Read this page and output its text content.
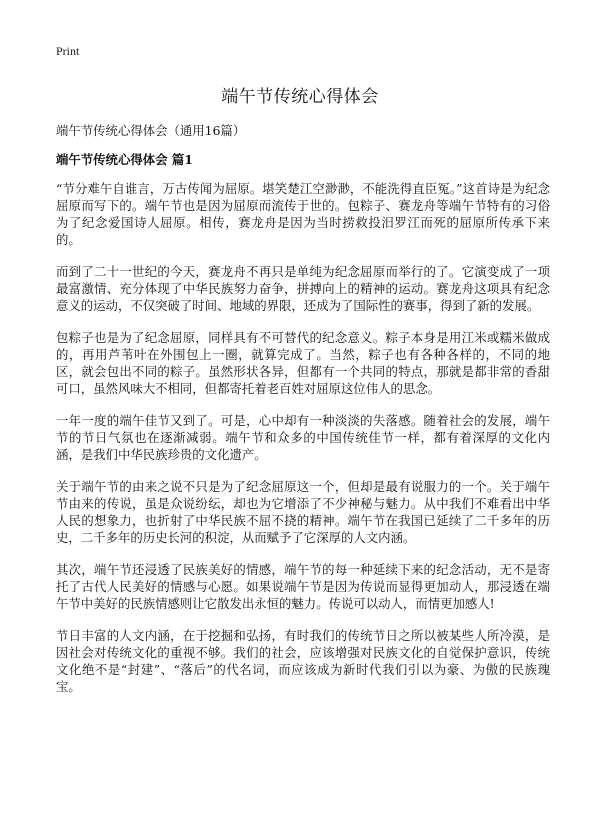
Print
端午节传统心得体会
端午节传统心得体会（通用16篇）
端午节传统心得体会 篇1

“节分难午自谁言，万古传闻为屈原。堪笑楚江空渺渺，不能洗得直臣冤。”这首诗是为纪念屈原而写下的。端午节也是因为屈原而流传于世的。包粽子、赛龙舟等端午节特有的习俗为了纪念爱国诗人屈原。相传，赛龙舟是因为当时捞救投汨罗江而死的屈原所传承下来的。

而到了二十一世纪的今天，赛龙舟不再只是单纯为纪念屈原而举行的了。它演变成了一项最富激情、充分体现了中华民族努力奋争，拼搏向上的精神的运动。赛龙舟这项具有纪念意义的运动，不仅突破了时间、地域的界限，还成为了国际性的赛事，得到了新的发展。

包粽子也是为了纪念屈原，同样具有不可替代的纪念意义。粽子本身是用江米或糯米做成的，再用芦苇叶在外围包上一圈，就算完成了。当然，粽子也有各种各样的，不同的地区，就会包出不同的粽子。虽然形状各异，但都有一个共同的特点，那就是都非常的香甜可口，虽然风味大不相同，但都寄托着老百姓对屈原这位伟人的思念。

一年一度的端午佳节又到了。可是，心中却有一种淡淡的失落感。随着社会的发展，端午节的节日气氛也在逐渐减弱。端午节和众多的中国传统佳节一样，都有着深厚的文化内涵，是我们中华民族珍贵的文化遗产。

关于端午节的由来之说不只是为了纪念屈原这一个，但却是最有说服力的一个。关于端午节由来的传说，虽是众说纷纭，却也为它增添了不少神秘与魅力。从中我们不难看出中华人民的想象力，也折射了中华民族不屈不挠的精神。端午节在我国已延续了二千多年的历史，二千多年的历史长河的积淀，从而赋予了它深厚的人文内涵。

其次，端午节还浸透了民族美好的情感，端午节的每一种延续下来的纪念活动，无不是寄托了古代人民美好的情感与心愿。如果说端午节是因为传说而显得更加动人，那浸透在端午节中美好的民族情感则让它散发出永恒的魅力。传说可以动人，而情更加感人!

节日丰富的人文内涵，在于挖掘和弘扬，有时我们的传统节日之所以被某些人所冷漠，是因社会对传统文化的重视不够。我们的社会，应该增强对民族文化的自觉保护意识，传统文化绝不是“封建”、“落后”的代名词，而应该成为新时代我们引以为豪、为傲的民族瑰宝。
